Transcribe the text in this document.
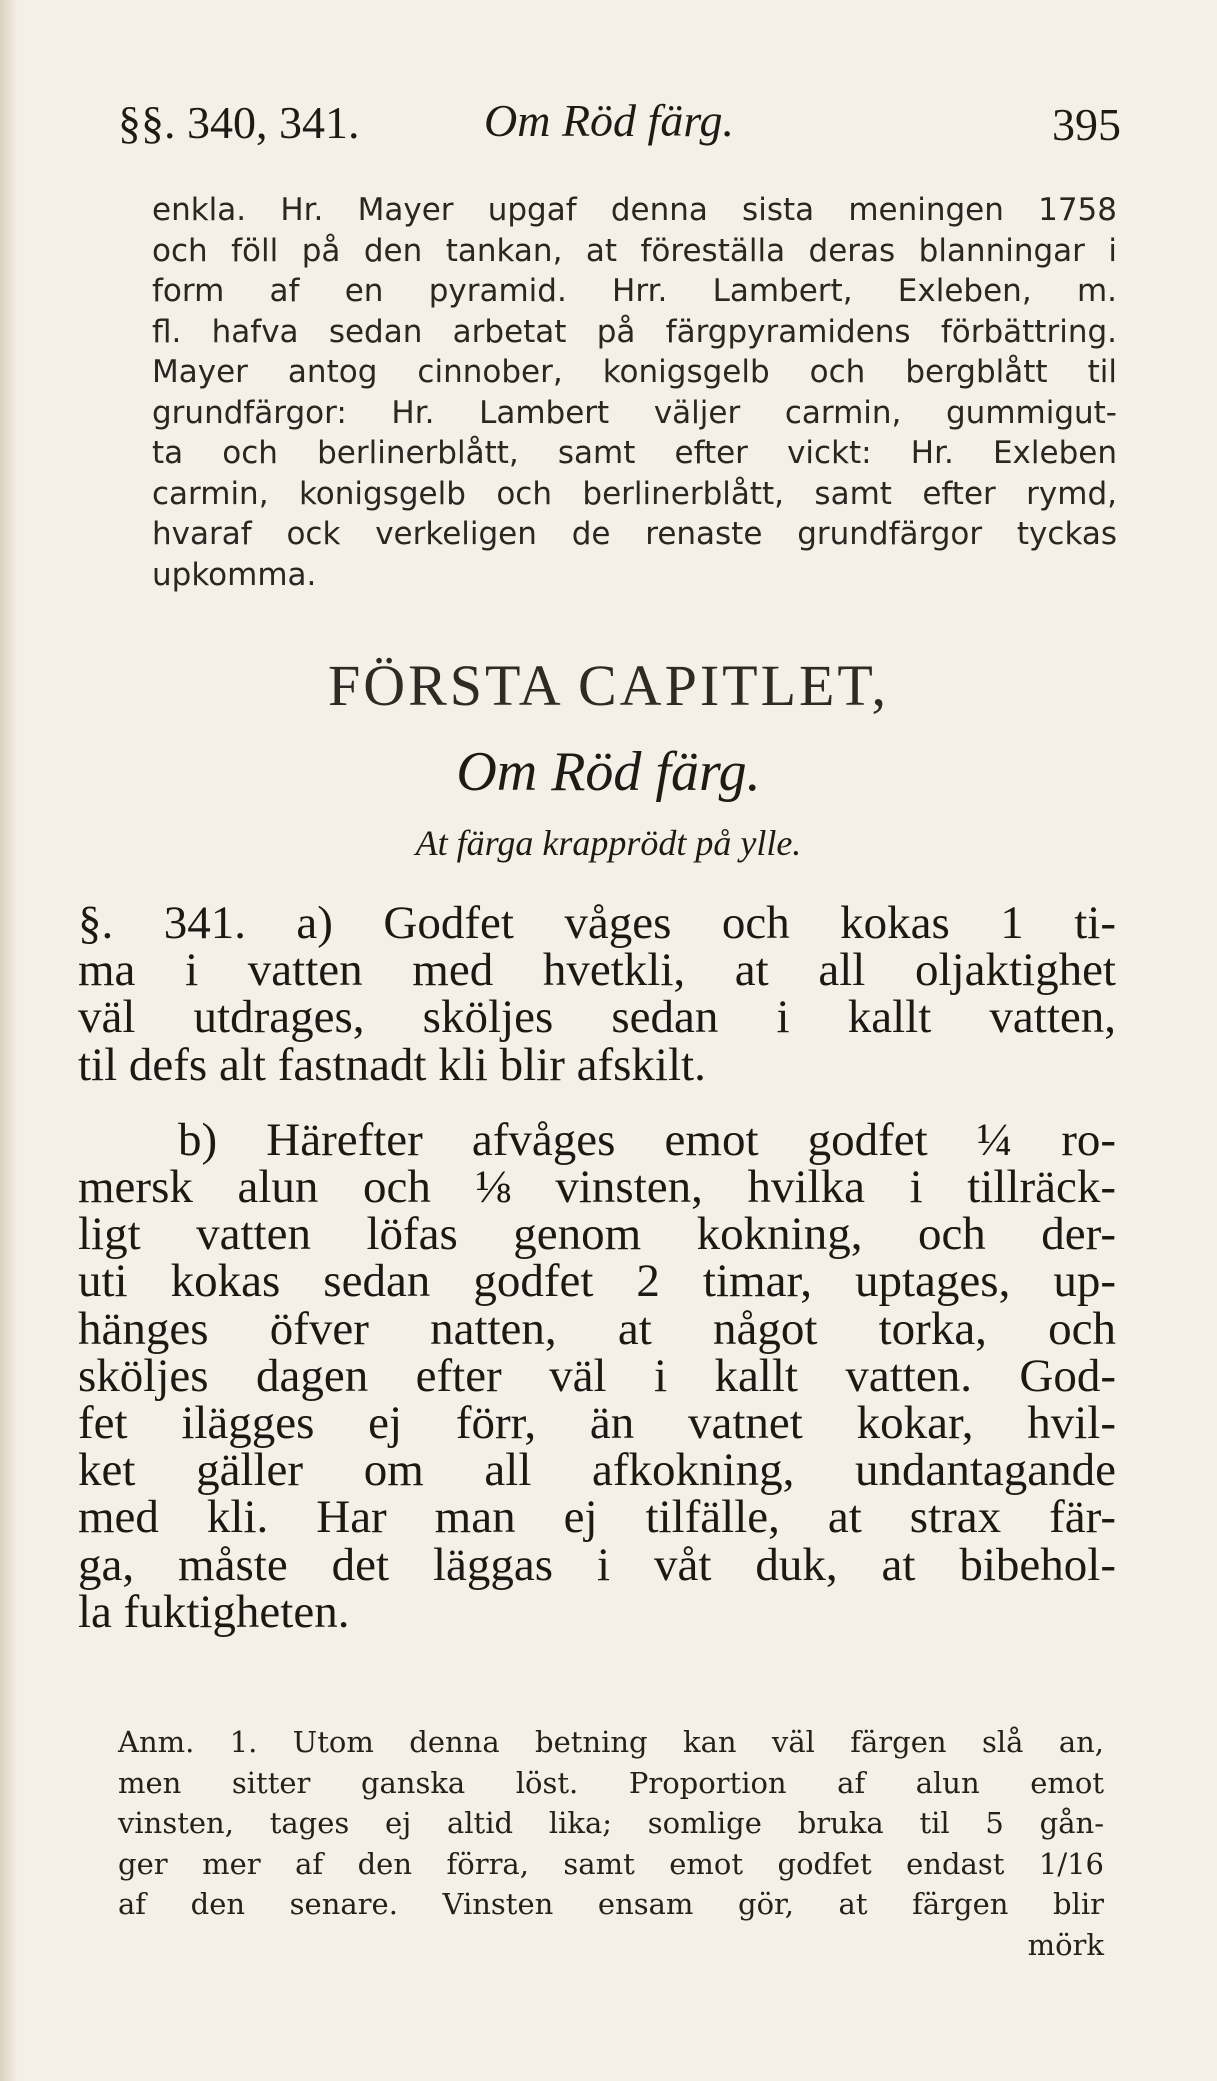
§§. 340, 341.	Om Röd färg.	395
enkla. Hr. Mayer upgaf denna sista meningen 1758
och föll på den tankan, at föreställa deras blanningar i
form af en pyramid. Hrr. Lambert, Exleben, m.
fl. hafva sedan arbetat på färgpyramidens förbättring.
Mayer antog cinnober, konigsgelb och bergblått til
grundfärgor: Hr. Lambert väljer carmin, gummigut-
ta och berlinerblått, samt efter vickt: Hr. Exleben
carmin, konigsgelb och berlinerblått, samt efter rymd,
hvaraf ock verkeligen de renaste grundfärgor tyckas
upkomma.
FÖRSTA CAPITLET,
Om Röd färg.
At färga krapprödt på ylle.
§. 341. a) Godfet våges och kokas 1 ti-
ma i vatten med hvetkli, at all oljaktighet
väl utdrages, sköljes sedan i kallt vatten,
til defs alt fastnadt kli blir afskilt.
b) Härefter afvåges emot godfet ¼ ro-
mersk alun och ⅛ vinsten, hvilka i tillräck-
ligt vatten löfas genom kokning, och der-
uti kokas sedan godfet 2 timar, uptages, up-
hänges öfver natten, at något torka, och
sköljes dagen efter väl i kallt vatten. God-
fet ilägges ej förr, än vatnet kokar, hvil-
ket gäller om all afkokning, undantagande
med kli. Har man ej tilfälle, at strax fär-
ga, måste det läggas i våt duk, at bibehol-
la fuktigheten.
Anm. 1. Utom denna betning kan väl färgen slå an,
men sitter ganska löst. Proportion af alun emot
vinsten, tages ej altid lika; somlige bruka til 5 gån-
ger mer af den förra, samt emot godfet endast 1/16
af den senare. Vinsten ensam gör, at färgen blir
mörk
